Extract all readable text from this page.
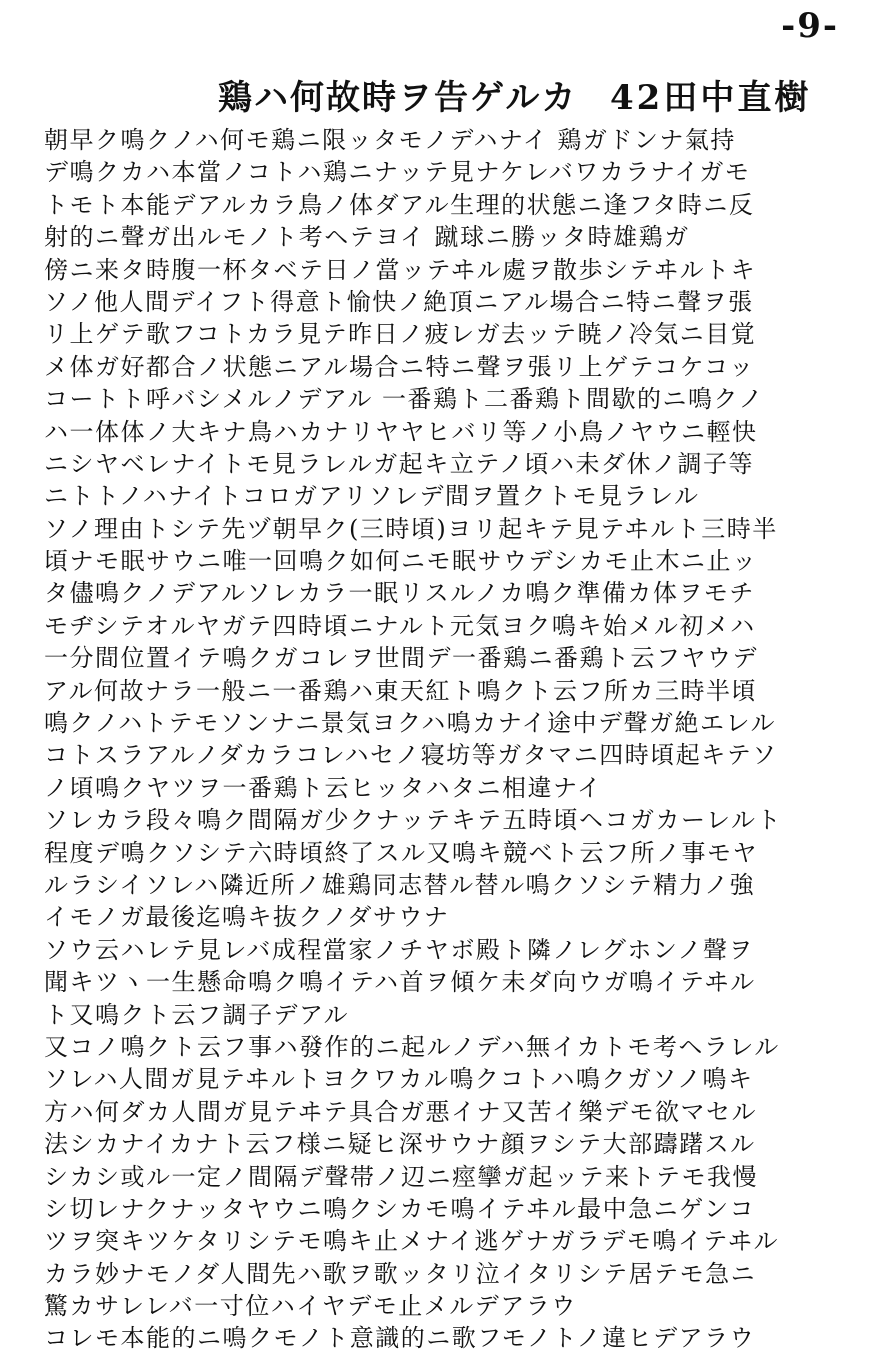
-9-
鶏ハ何故時ヲ告ゲルカ 42田中直樹
朝早ク鳴クノハ何モ鶏ニ限ッタモノデハナイ 鶏ガドンナ氣持
デ鳴クカハ本當ノコトハ鶏ニナッテ見ナケレバワカラナイガモ
トモト本能デアルカラ鳥ノ体ダアル生理的状態ニ逢フタ時ニ反
射的ニ聲ガ出ルモノト考ヘテヨイ 蹴球ニ勝ッタ時雄鶏ガ
傍ニ来タ時腹一杯タベテ日ノ當ッテヰル處ヲ散歩シテヰルトキ
ソノ他人間デイフト得意ト愉快ノ絶頂ニアル場合ニ特ニ聲ヲ張
リ上ゲテ歌フコトカラ見テ昨日ノ疲レガ去ッテ暁ノ冷気ニ目覚
メ体ガ好都合ノ状態ニアル場合ニ特ニ聲ヲ張リ上ゲテコケコッ
コートト呼バシメルノデアル 一番鶏ト二番鶏ト間歇的ニ鳴クノ
ハ一体体ノ大キナ鳥ハカナリヤヤヒバリ等ノ小鳥ノヤウニ輕快
ニシヤベレナイトモ見ラレルガ起キ立テノ頃ハ未ダ休ノ調子等
ニトトノハナイトコロガアリソレデ間ヲ置クトモ見ラレル
ソノ理由トシテ先ヅ朝早ク(三時頃)ヨリ起キテ見テヰルト三時半
頃ナモ眠サウニ唯一回鳴ク如何ニモ眠サウデシカモ止木ニ止ッ
タ儘鳴クノデアルソレカラ一眠リスルノカ鳴ク準備カ体ヲモチ
モヂシテオルヤガテ四時頃ニナルト元気ヨク鳴キ始メル初メハ
一分間位置イテ鳴クガコレヲ世間デ一番鶏ニ番鶏ト云フヤウデ
アル何故ナラ一般ニ一番鶏ハ東天紅ト鳴クト云フ所カ三時半頃
鳴クノハトテモソンナニ景気ヨクハ鳴カナイ途中デ聲ガ絶エレル
コトスラアルノダカラコレハセノ寝坊等ガタマニ四時頃起キテソ
ノ頃鳴クヤツヲ一番鶏ト云ヒッタハタニ相違ナイ
ソレカラ段々鳴ク間隔ガ少クナッテキテ五時頃ヘコガカーレルト
程度デ鳴クソシテ六時頃終了スル又鳴キ競ベト云フ所ノ事モヤ
ルラシイソレハ隣近所ノ雄鶏同志替ル替ル鳴クソシテ精力ノ強
イモノガ最後迄鳴キ抜クノダサウナ
ソウ云ハレテ見レバ成程當家ノチヤボ殿ト隣ノレグホンノ聲ヲ
聞キツヽ一生懸命鳴ク鳴イテハ首ヲ傾ケ未ダ向ウガ鳴イテヰル
ト又鳴クト云フ調子デアル
又コノ鳴クト云フ事ハ發作的ニ起ルノデハ無イカトモ考ヘラレル
ソレハ人間ガ見テヰルトヨクワカル鳴クコトハ鳴クガソノ鳴キ
方ハ何ダカ人間ガ見テヰテ具合ガ悪イナ又苦イ樂デモ欲マセル
法シカナイカナト云フ様ニ疑ヒ深サウナ顔ヲシテ大部躊躇スル
シカシ或ル一定ノ間隔デ聲帯ノ辺ニ痙攣ガ起ッテ来トテモ我慢
シ切レナクナッタヤウニ鳴クシカモ鳴イテヰル最中急ニゲンコ
ツヲ突キツケタリシテモ鳴キ止メナイ逃ゲナガラデモ鳴イテヰル
カラ妙ナモノダ人間先ハ歌ヲ歌ッタリ泣イタリシテ居テモ急ニ
驚カサレレバ一寸位ハイヤデモ止メルデアラウ
コレモ本能的ニ鳴クモノト意識的ニ歌フモノトノ違ヒデアラウ
